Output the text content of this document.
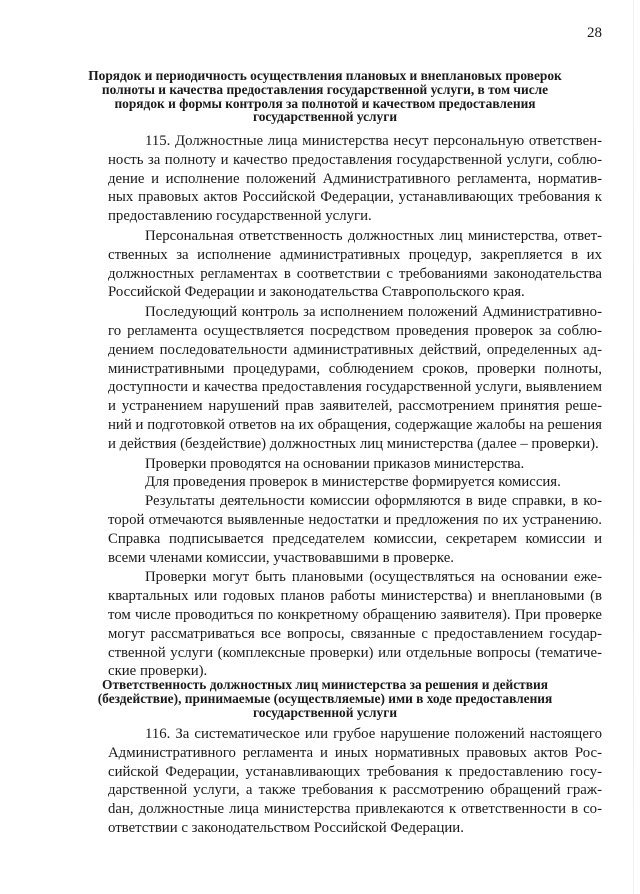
28
Порядок и периодичность осуществления плановых и внеплановых проверок полноты и качества предоставления государственной услуги, в том числе порядок и формы контроля за полнотой и качеством предоставления государственной услуги

115. Должностные лица министерства несут персональную ответственность за полноту и качество предоставления государственной услуги, соблюдение и исполнение положений Административного регламента, нормативных правовых актов Российской Федерации, устанавливающих требования к предоставлению государственной услуги.

Персональная ответственность должностных лиц министерства, ответственных за исполнение административных процедур, закрепляется в их должностных регламентах в соответствии с требованиями законодательства Российской Федерации и законодательства Ставропольского края.

Последующий контроль за исполнением положений Административного регламента осуществляется посредством проведения проверок за соблюдением последовательности административных действий, определенных административными процедурами, соблюдением сроков, проверки полноты, доступности и качества предоставления государственной услуги, выявлением и устранением нарушений прав заявителей, рассмотрением принятия решений и подготовкой ответов на их обращения, содержащие жалобы на решения и действия (бездействие) должностных лиц министерства (далее – проверки).

Проверки проводятся на основании приказов министерства.

Для проведения проверок в министерстве формируется комиссия.

Результаты деятельности комиссии оформляются в виде справки, в которой отмечаются выявленные недостатки и предложения по их устранению. Справка подписывается председателем комиссии, секретарем комиссии и всеми членами комиссии, участвовавшими в проверке.

Проверки могут быть плановыми (осуществляться на основании ежеквартальных или годовых планов работы министерства) и внеплановыми (в том числе проводиться по конкретному обращению заявителя). При проверке могут рассматриваться все вопросы, связанные с предоставлением государственной услуги (комплексные проверки) или отдельные вопросы (тематические проверки).

Ответственность должностных лиц министерства за решения и действия (бездействие), принимаемые (осуществляемые) ими в ходе предоставления государственной услуги

116. За систематическое или грубое нарушение положений настоящего Административного регламента и иных нормативных правовых актов Российской Федерации, устанавливающих требования к предоставлению государственной услуги, а также требования к рассмотрению обращений гражdан, должностные лица министерства привлекаются к ответственности в соответствии с законодательством Российской Федерации.
